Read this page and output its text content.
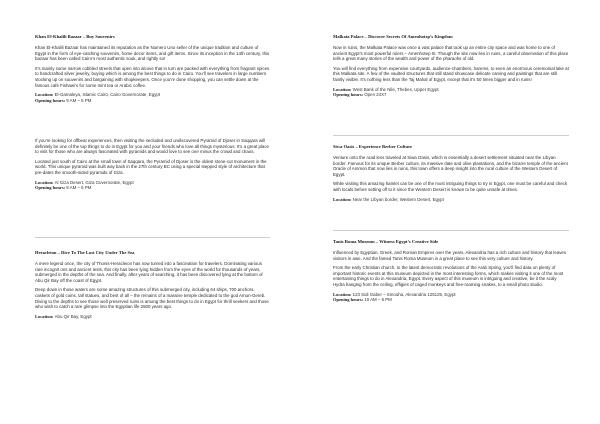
Khan El-Khalili Bazaar – Buy Souvenirs

Khan El-Khalili Bazaar has maintained its reputation as the Numero Uno seller of the unique tradition and culture of Egypt in the form of eye-catching souvenirs, home decor items, and gift items. Since its inception in the 14th century, this bazaar has been called Cairo’s most authentic souk, and rightly so!

It’s mainly some narrow cobbled streets that open into alcove that in turn are packed with everything from fragrant spices to handcrafted silver jewelry, buying which is among the best things to do in Cairo. You’ll see travelers in large numbers stocking up on souvenirs and bargaining with shopkeepers. Once you’re done shopping, you can settle down at the famous café Fishawi’s for some mint tea or Arabic coffee.

Location: El-Gamaleya, Islamic Cairo, Cairo Governorate, Egypt
Opening hours: 9 AM – 5 PM

If you’re looking for offbeat experiences, then visiting the secluded and undiscovered Pyramid of Djoser in Saqqara will definitely be one of the top things to do in Egypt for you and your friends who love all things mysterious. It’s a great place to visit for those who are always fascinated with pyramids and would love to see one minus the crowd and chaos.

Located just south of Cairo at the small town of Saqqara, the Pyramid of Djoser is the oldest stone-cut monument in the world. This unique pyramid was built way back in the 27th century BC using a special stepped style of architecture that pre-dates the smooth-sided pyramids of Giza.

Location: Al Giza Desert, Giza Governorate, Egypt
Opening hours: 8 AM – 5 PM
Heracleion – Dive To The Lost City Under The Sea

A mere legend once, the city of Thonis-Heracleion has now turned into a fascination for travelers. Dominating various rare incognit ons and ancient tests, this city has been lying hidden from the eyes of the world for thousands of years, submerged in the depths of the sea. And finally, after years of searching, it has been discovered lying at the bottom of Abu Qir Bay off the coast of Egypt.

Deep down in those waters are some amazing structures of this submerged city, including 64 ships, 700 anchors, caskets of gold coins, tall statues, and best of all – the remains of a massive temple dedicated to the god Amun-Gereb. Diving to the depths to see those well preserved ruins is among the best things to do in Egypt for thrill seekers and those who wish to catch a rare glimpse into the Egyptian life 2500 years ago.

Location: Abu Qir Bay, Egypt
Malkata Palace – Discover Secrets Of Amenhotep’s Kingdom

Now in ruins, the Malkata Palace was once a vast palace that took up an entire city space and was home to one of ancient Egypt’s most powerful rulers – Amenhotep III. Though the site now lies in ruins, a careful observation of this place tells a great many stories of the wealth and power of the pharaohs of old.

You will find everything from expensive courtyards, audience-chambers, harems, to even an enormous ceremonial lake at this Malkata site. A few of the vaulted structures that still stand showcase delicate carving and paintings that are still faintly visible. It’s nothing less than the Taj Mahal of Egypt, except that it’s 50 times bigger and in ruins!

Location: West Bank of the Nile, Thebes, Upper Egypt
Opening hours: Open 24X7
Siwa Oasis – Experience Berber Culture

Venture onto the road less traveled at Siwa Oasis, which is essentially a desert settlement situated near the Libyan border. Famous for its unique Berber culture, its massive date and olive plantations, and the bizarre temple of the ancient Oracle of Ammon that now lies in ruins, this town offers a deep insight into the rural culture of the Western Desert of Egypt.

While visiting this amazing hamlet can be one of the most intriguing things to try in Egypt, one must be careful and check with locals before setting off to it since the Western Desert is known to be quite unsafe at times.

Location: Near the Libyan border, Western Desert, Egypt
Tanis Roma Museum – Witness Egypt’s Creative Side

Influenced by Egyptian, Greek, and Roman Empires over the years, Alexandria has a rich culture and history that leaves visitors in awe. And the famed Tanis Roma Museum is a great place to see this very culture and history.

From the early Christian church, to the latest democratic revolutions of the Arab Spring, you’ll find data on plenty of important historic events at this museum depicted in the most interesting forms, which makes visiting it one of the most entertaining things to do in Alexandria, Egypt. Every aspect of this museum is intriguing and creative, be it the scaly Hydra hanging from the ceiling, effigies of caged monkeys and free-roaming snakes, to a small photo studio.

Location: 123 Sidi Gaber – Smouha, Alexandria 125125, Egypt
Opening hours: 10 AM – 6 PM
